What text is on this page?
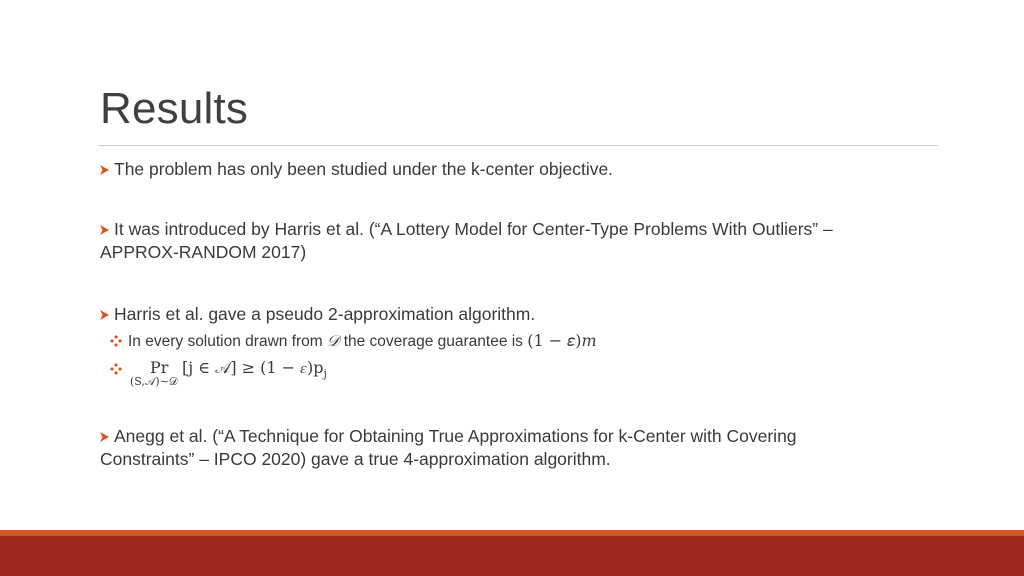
Results
The problem has only been studied under the k-center objective.
It was introduced by Harris et al. (“A Lottery Model for Center-Type Problems With Outliers” –
APPROX-RANDOM 2017)
Harris et al. gave a pseudo 2-approximation algorithm.
In every solution drawn from 𝒟 the coverage guarantee is (1 − 𝜀)𝑚
Pr
(S,𝒜)∼𝒟
[j ∈ 𝒜] ≥ $(1 - 𝜀)p_j$
Anegg et al. (“A Technique for Obtaining True Approximations for k-Center with Covering
Constraints” – IPCO 2020) gave a true 4-approximation algorithm.
